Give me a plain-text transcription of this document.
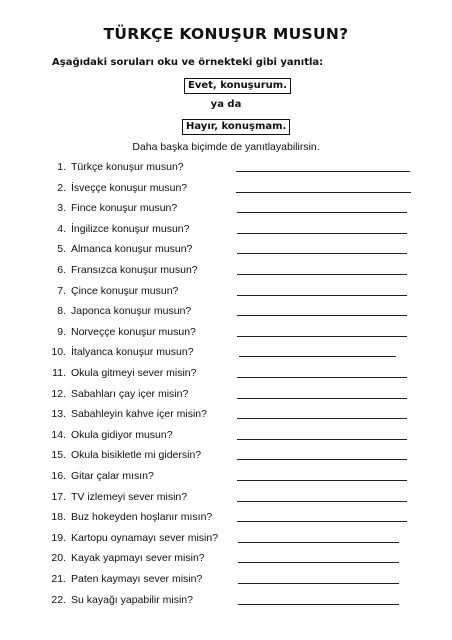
TÜRKÇE KONUŞUR MUSUN?
Aşağıdaki soruları oku ve örnekteki gibi yanıtla:
Evet, konuşurum.
ya da
Hayır, konuşmam.
Daha başka biçimde de yanıtlayabilirsin.
1. Türkçe konuşur musun?
2. İsveççe konuşur musun?
3. Fince konuşur musun?
4. İngilizce konuşur musun?
5. Almanca konuşur musun?
6. Fransızca konuşur musun?
7. Çince konuşur musun?
8. Japonca konuşur musun?
9. Norveççe konuşur musun?
10. İtalyanca konuşur musun?
11. Okula gitmeyi sever misin?
12. Sabahları çay içer misin?
13. Sabahleyin kahve içer misin?
14. Okula gidiyor musun?
15. Okula bisikletle mi gidersin?
16. Gitar çalar mısın?
17. TV izlemeyi sever misin?
18. Buz hokeyden hoşlanır mısın?
19. Kartopu oynamayı sever misin?
20. Kayak yapmayı sever misin?
21. Paten kaymayı sever misin?
22. Su kayağı yapabilir misin?
